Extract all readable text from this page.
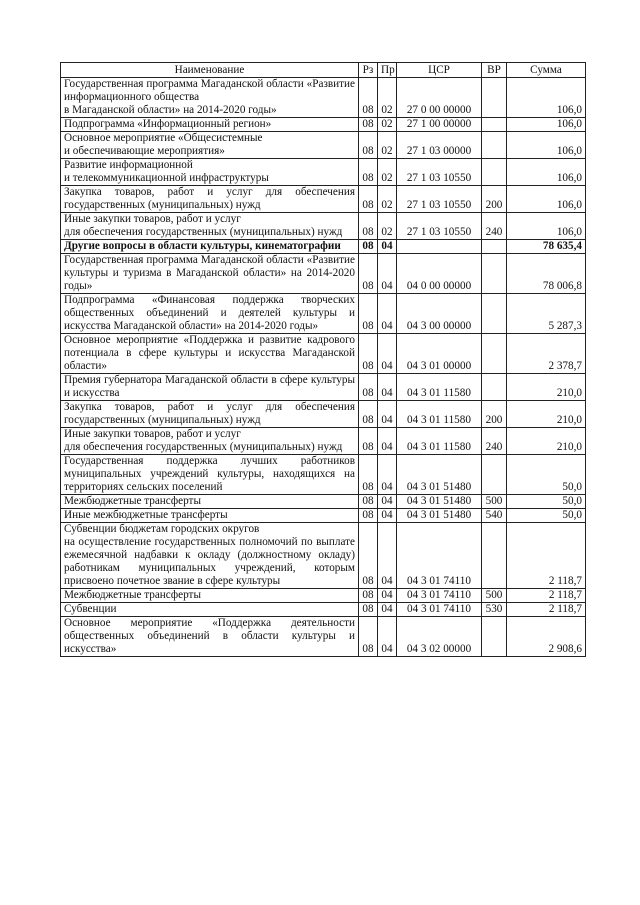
Наименование	Рз	Пр	ЦСР	ВР	Сумма
Государственная программа Магаданской области «Развитие информационного общества
в Магаданской области» на 2014-2020 годы»	08	02	27 0 00 00000		106,0
Подпрограмма «Информационный регион»	08	02	27 1 00 00000		106,0
Основное мероприятие «Общесистемные
и обеспечивающие мероприятия»	08	02	27 1 03 00000		106,0
Развитие информационной
и телекоммуникационной инфраструктуры	08	02	27 1 03 10550		106,0
Закупка товаров, работ и услуг для обеспечения государственных (муниципальных) нужд	08	02	27 1 03 10550	200	106,0
Иные закупки товаров, работ и услуг
для обеспечения государственных (муниципальных) нужд	08	02	27 1 03 10550	240	106,0
Другие вопросы в области культуры, кинематографии	08	04			78 635,4
Государственная программа Магаданской области «Развитие культуры и туризма в Магаданской области» на 2014-2020 годы»	08	04	04 0 00 00000		78 006,8
Подпрограмма «Финансовая поддержка творческих общественных объединений и деятелей культуры и искусства Магаданской области» на 2014-2020 годы»	08	04	04 3 00 00000		5 287,3
Основное мероприятие «Поддержка и развитие кадрового потенциала в сфере культуры и искусства Магаданской области»	08	04	04 3 01 00000		2 378,7
Премия губернатора Магаданской области в сфере культуры и искусства	08	04	04 3 01 11580		210,0
Закупка товаров, работ и услуг для обеспечения государственных (муниципальных) нужд	08	04	04 3 01 11580	200	210,0
Иные закупки товаров, работ и услуг
для обеспечения государственных (муниципальных) нужд	08	04	04 3 01 11580	240	210,0
Государственная поддержка лучших работников муниципальных учреждений культуры, находящихся на территориях сельских поселений	08	04	04 3 01 51480		50,0
Межбюджетные трансферты	08	04	04 3 01 51480	500	50,0
Иные межбюджетные трансферты	08	04	04 3 01 51480	540	50,0
Субвенции бюджетам городских округов
на осуществление государственных полномочий по выплате ежемесячной надбавки к окладу (должностному окладу) работникам муниципальных учреждений, которым присвоено почетное звание в сфере культуры	08	04	04 3 01 74110		2 118,7
Межбюджетные трансферты	08	04	04 3 01 74110	500	2 118,7
Субвенции	08	04	04 3 01 74110	530	2 118,7
Основное мероприятие «Поддержка деятельности общественных объединений в области культуры и искусства»	08	04	04 3 02 00000		2 908,6
